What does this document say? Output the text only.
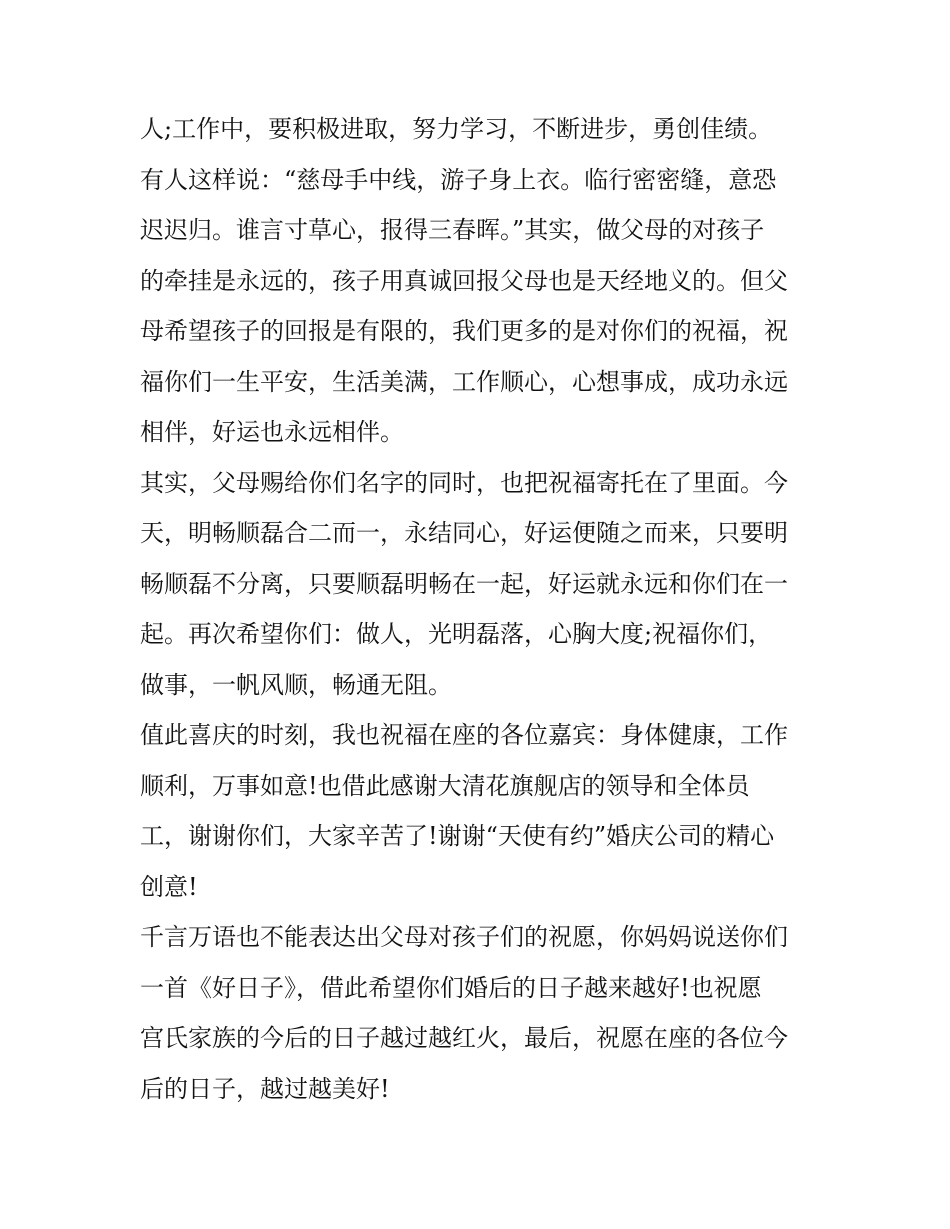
人;工作中，要积极进取，努力学习，不断进步，勇创佳绩。
有人这样说：“慈母手中线，游子身上衣。临行密密缝，意恐
迟迟归。谁言寸草心，报得三春晖。”其实，做父母的对孩子
的牵挂是永远的，孩子用真诚回报父母也是天经地义的。但父
母希望孩子的回报是有限的，我们更多的是对你们的祝福，祝
福你们一生平安，生活美满，工作顺心，心想事成，成功永远
相伴，好运也永远相伴。
其实，父母赐给你们名字的同时，也把祝福寄托在了里面。今
天，明畅顺磊合二而一，永结同心，好运便随之而来，只要明
畅顺磊不分离，只要顺磊明畅在一起，好运就永远和你们在一
起。再次希望你们：做人，光明磊落，心胸大度;祝福你们，
做事，一帆风顺，畅通无阻。
值此喜庆的时刻，我也祝福在座的各位嘉宾：身体健康，工作
顺利，万事如意!也借此感谢大清花旗舰店的领导和全体员
工，谢谢你们，大家辛苦了!谢谢“天使有约”婚庆公司的精心
创意!
千言万语也不能表达出父母对孩子们的祝愿，你妈妈说送你们
一首《好日子》，借此希望你们婚后的日子越来越好!也祝愿
宫氏家族的今后的日子越过越红火，最后，祝愿在座的各位今
后的日子，越过越美好!
